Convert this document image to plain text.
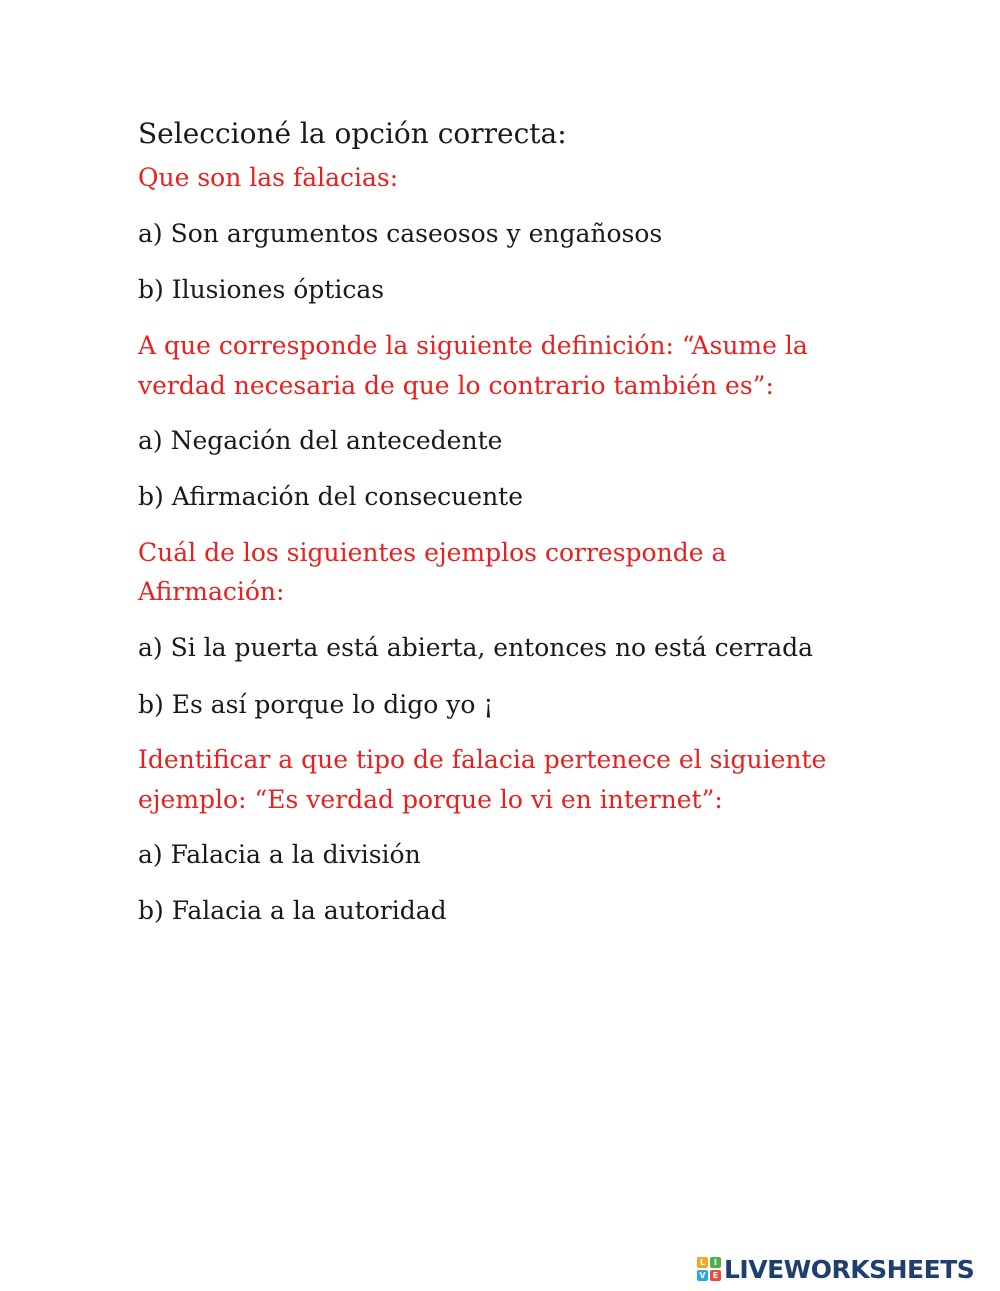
Seleccioné la opción correcta:
Que son las falacias:
a) Son argumentos caseosos y engañosos
b) Ilusiones ópticas
A que corresponde la siguiente definición: “Asume la
verdad necesaria de que lo contrario también es”:
a) Negación del antecedente
b) Afirmación del consecuente
Cuál de los siguientes ejemplos corresponde a
Afirmación:
a) Si la puerta está abierta, entonces no está cerrada
b) Es así porque lo digo yo ¡
Identificar a que tipo de falacia pertenece el siguiente
ejemplo: “Es verdad porque lo vi en internet”:
a) Falacia a la división
b) Falacia a la autoridad
L	I
V E LIVEWORKSHEETS
